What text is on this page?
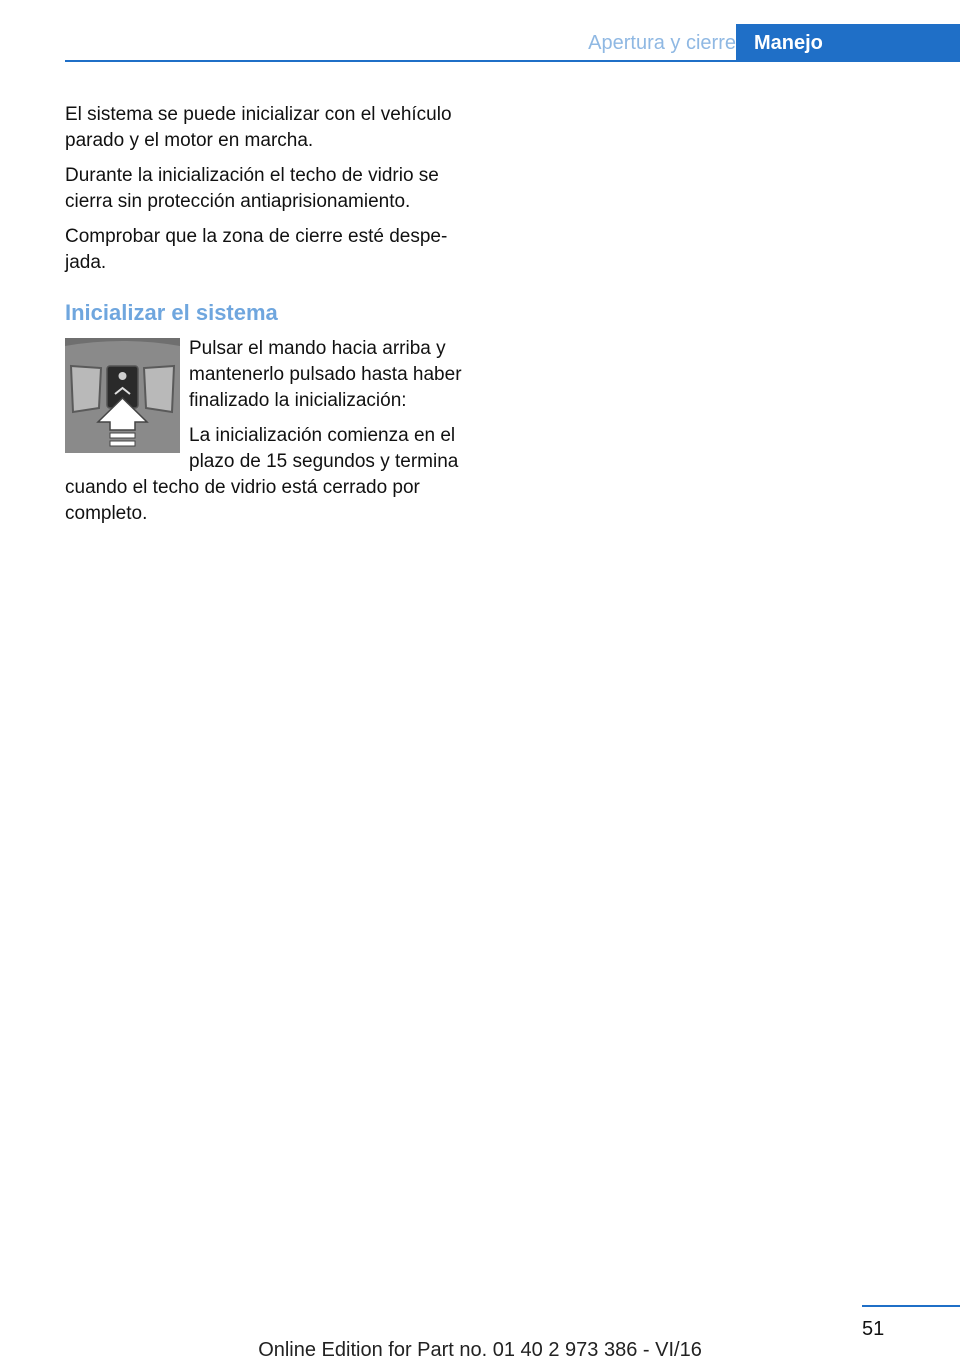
Apertura y cierre Manejo

El sistema se puede inicializar con el vehículo parado y el motor en marcha.

Durante la inicialización el techo de vidrio se cierra sin protección antiaprisionamiento.

Comprobar que la zona de cierre esté despe‐ jada.

Inicializar el sistema

Pulsar el mando hacia arriba y mantenerlo pulsado hasta haber finalizado la inicialización:

La inicialización comienza en el plazo de 15 segundos y termina cuando el techo de vidrio está cerrado por completo.

51
Online Edition for Part no. 01 40 2 973 386 - VI/16
